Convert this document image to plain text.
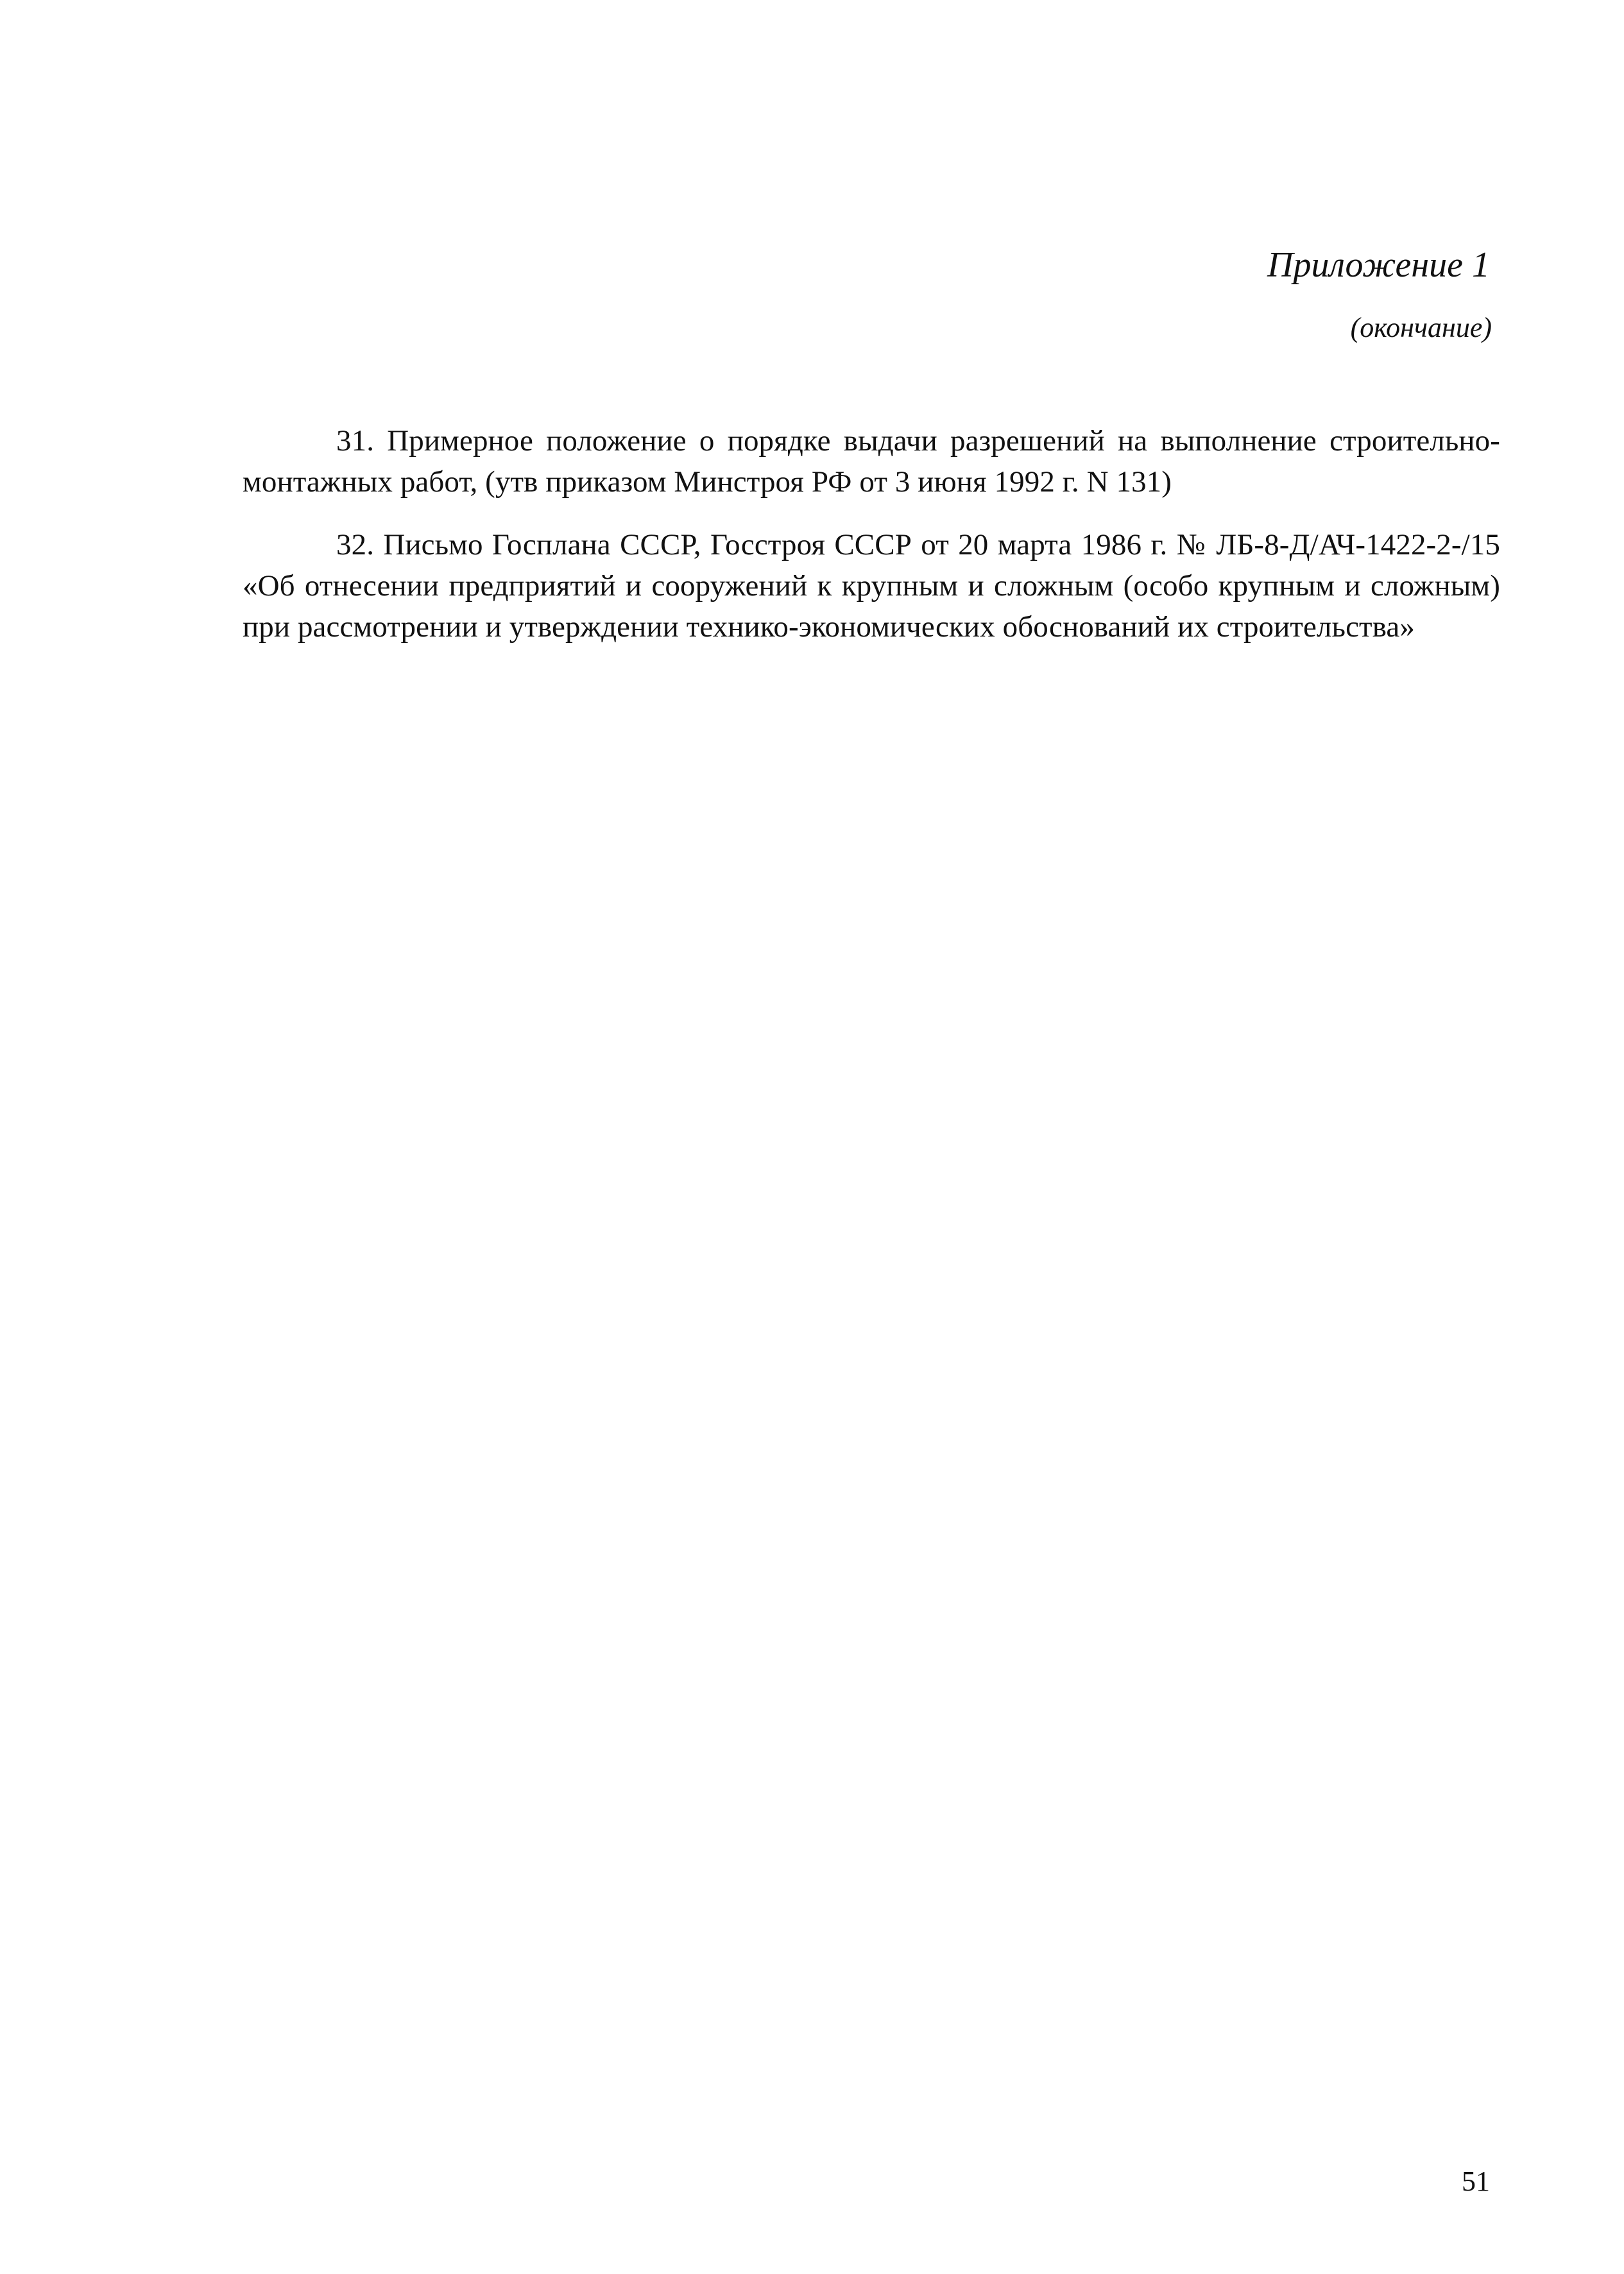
Приложение 1
(окончание)

31. Примерное положение о порядке выдачи разрешений на выполнение строительно-монтажных работ, (утв приказом Минстроя РФ от 3 июня 1992 г. N 131)

32. Письмо Госплана СССР, Госстроя СССР от 20 марта 1986 г. № ЛБ-8-Д/АЧ-1422-2-/15 «Об отнесении предприятий и сооружений к крупным и сложным (особо крупным и сложным) при рассмотрении и утверждении технико-экономических обоснований их строительства»

51
